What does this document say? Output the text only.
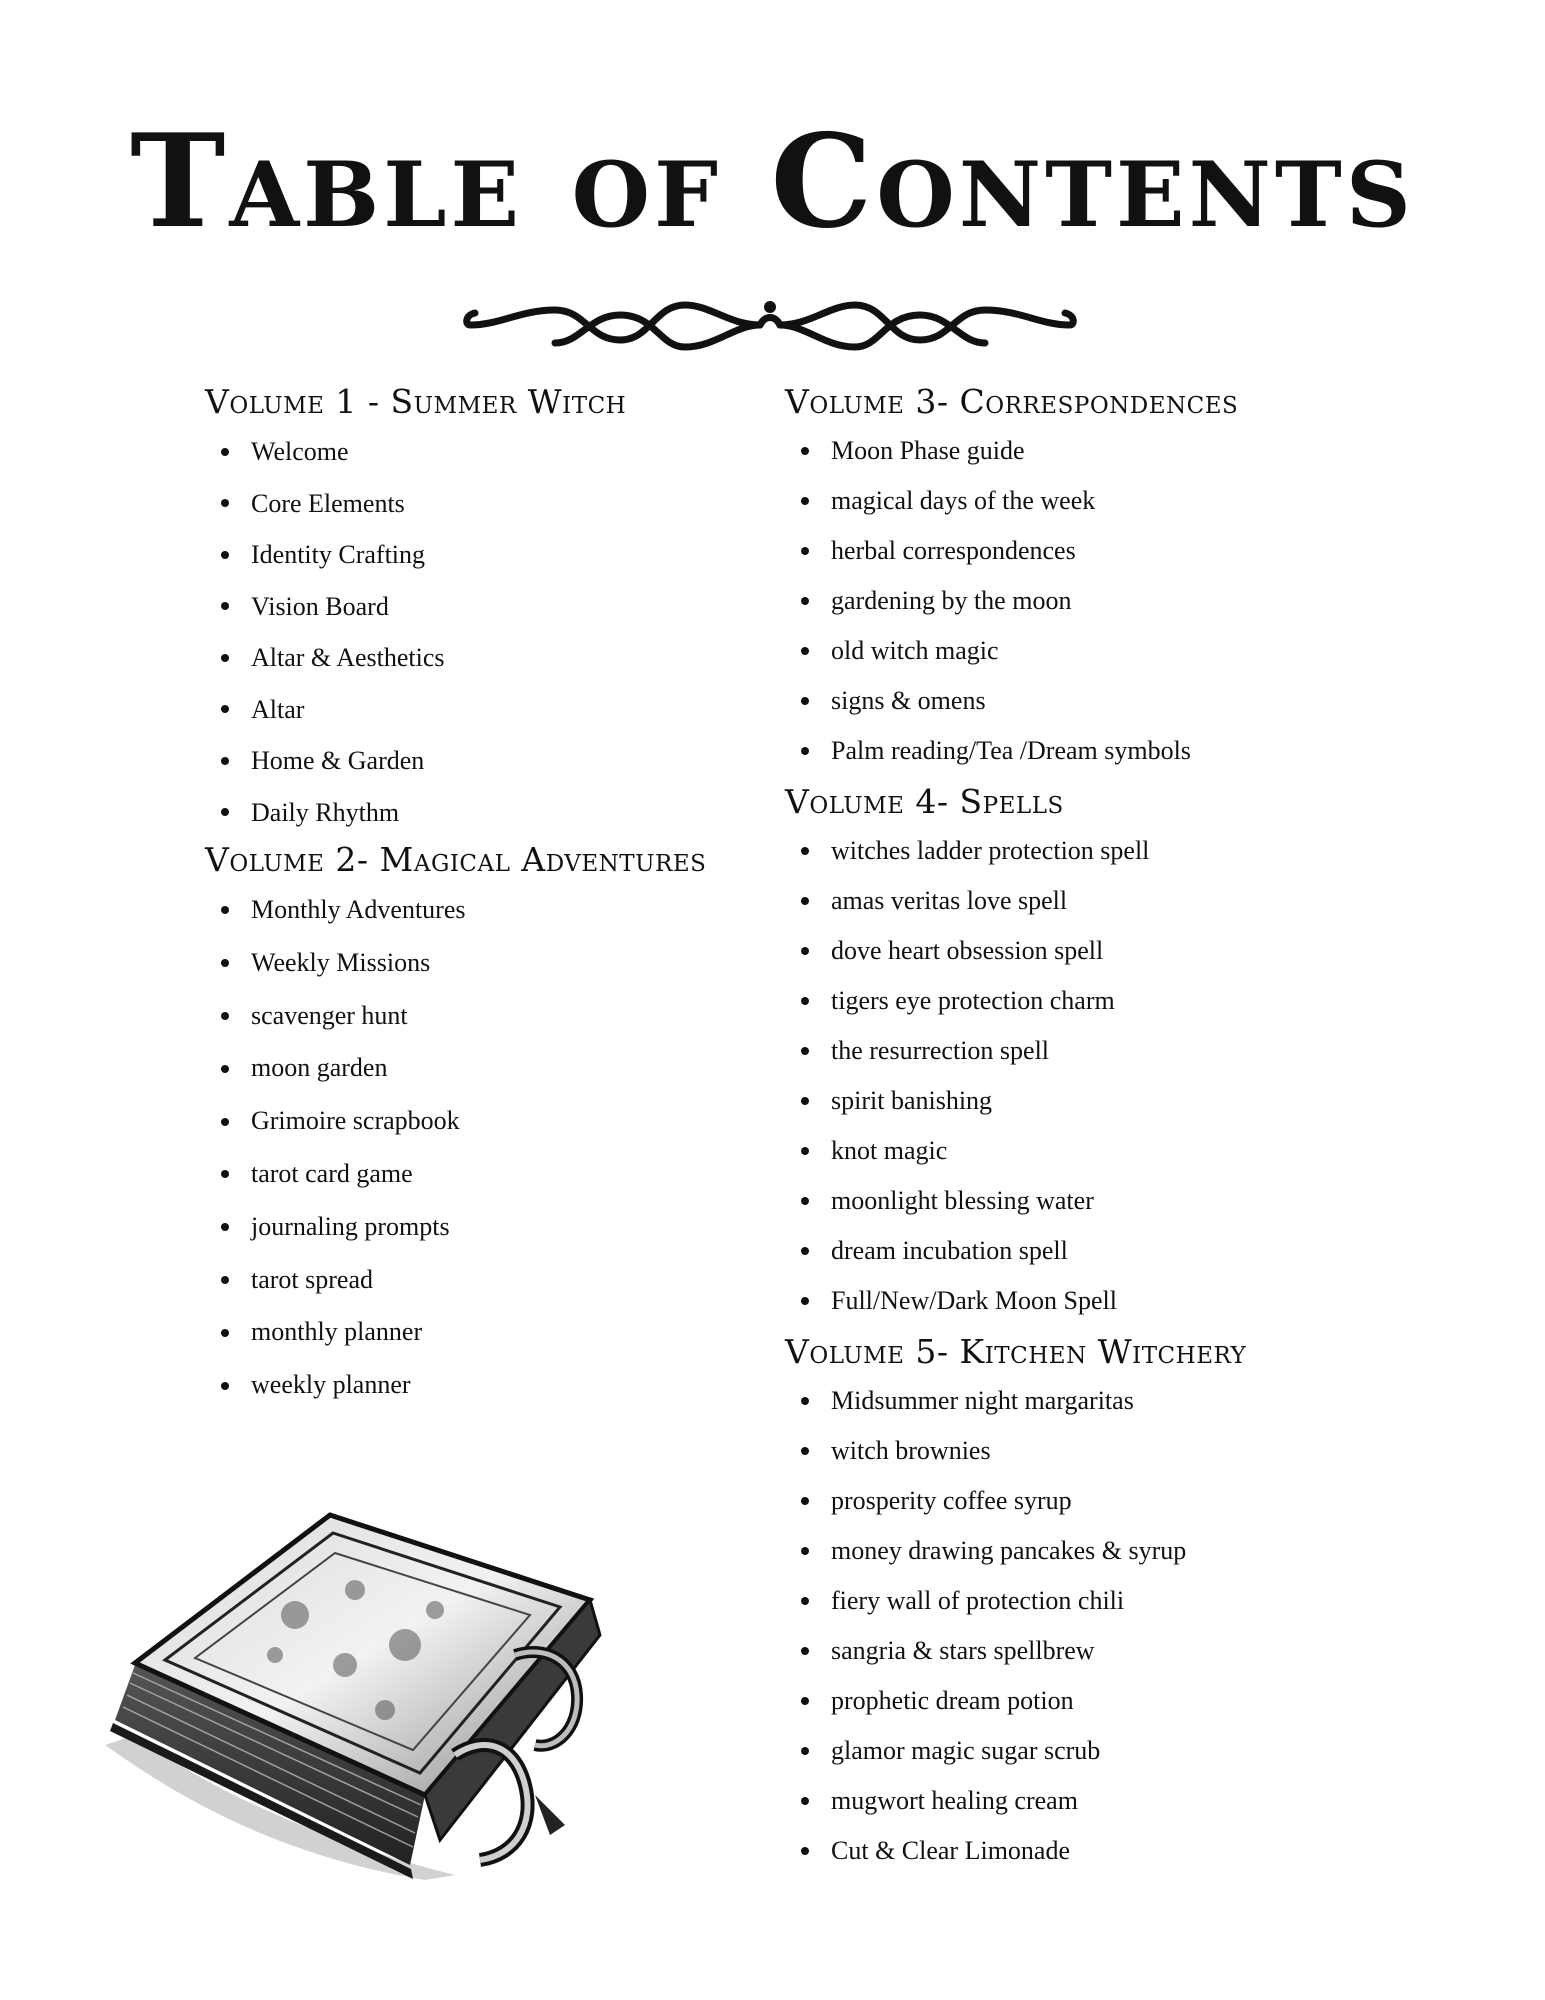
Table of Contents
Volume 1 - Summer Witch
Welcome
Core Elements
Identity Crafting
Vision Board
Altar & Aesthetics
Altar
Home & Garden
Daily Rhythm
Volume 2- Magical Adventures
Monthly Adventures
Weekly Missions
scavenger hunt
moon garden
Grimoire scrapbook
tarot card game
journaling prompts
tarot spread
monthly planner
weekly planner
Volume 3- Correspondences
Moon Phase guide
magical days of the week
herbal correspondences
gardening by the moon
old witch magic
signs & omens
Palm reading/Tea /Dream symbols
Volume 4- Spells
witches ladder protection spell
amas veritas love spell
dove heart obsession spell
tigers eye protection charm
the resurrection spell
spirit banishing
knot magic
moonlight blessing water
dream incubation spell
Full/New/Dark Moon Spell
Volume 5- Kitchen Witchery
Midsummer night margaritas
witch brownies
prosperity coffee syrup
money drawing pancakes & syrup
fiery wall of protection chili
sangria & stars spellbrew
prophetic dream potion
glamor magic sugar scrub
mugwort healing cream
Cut & Clear Limonade
